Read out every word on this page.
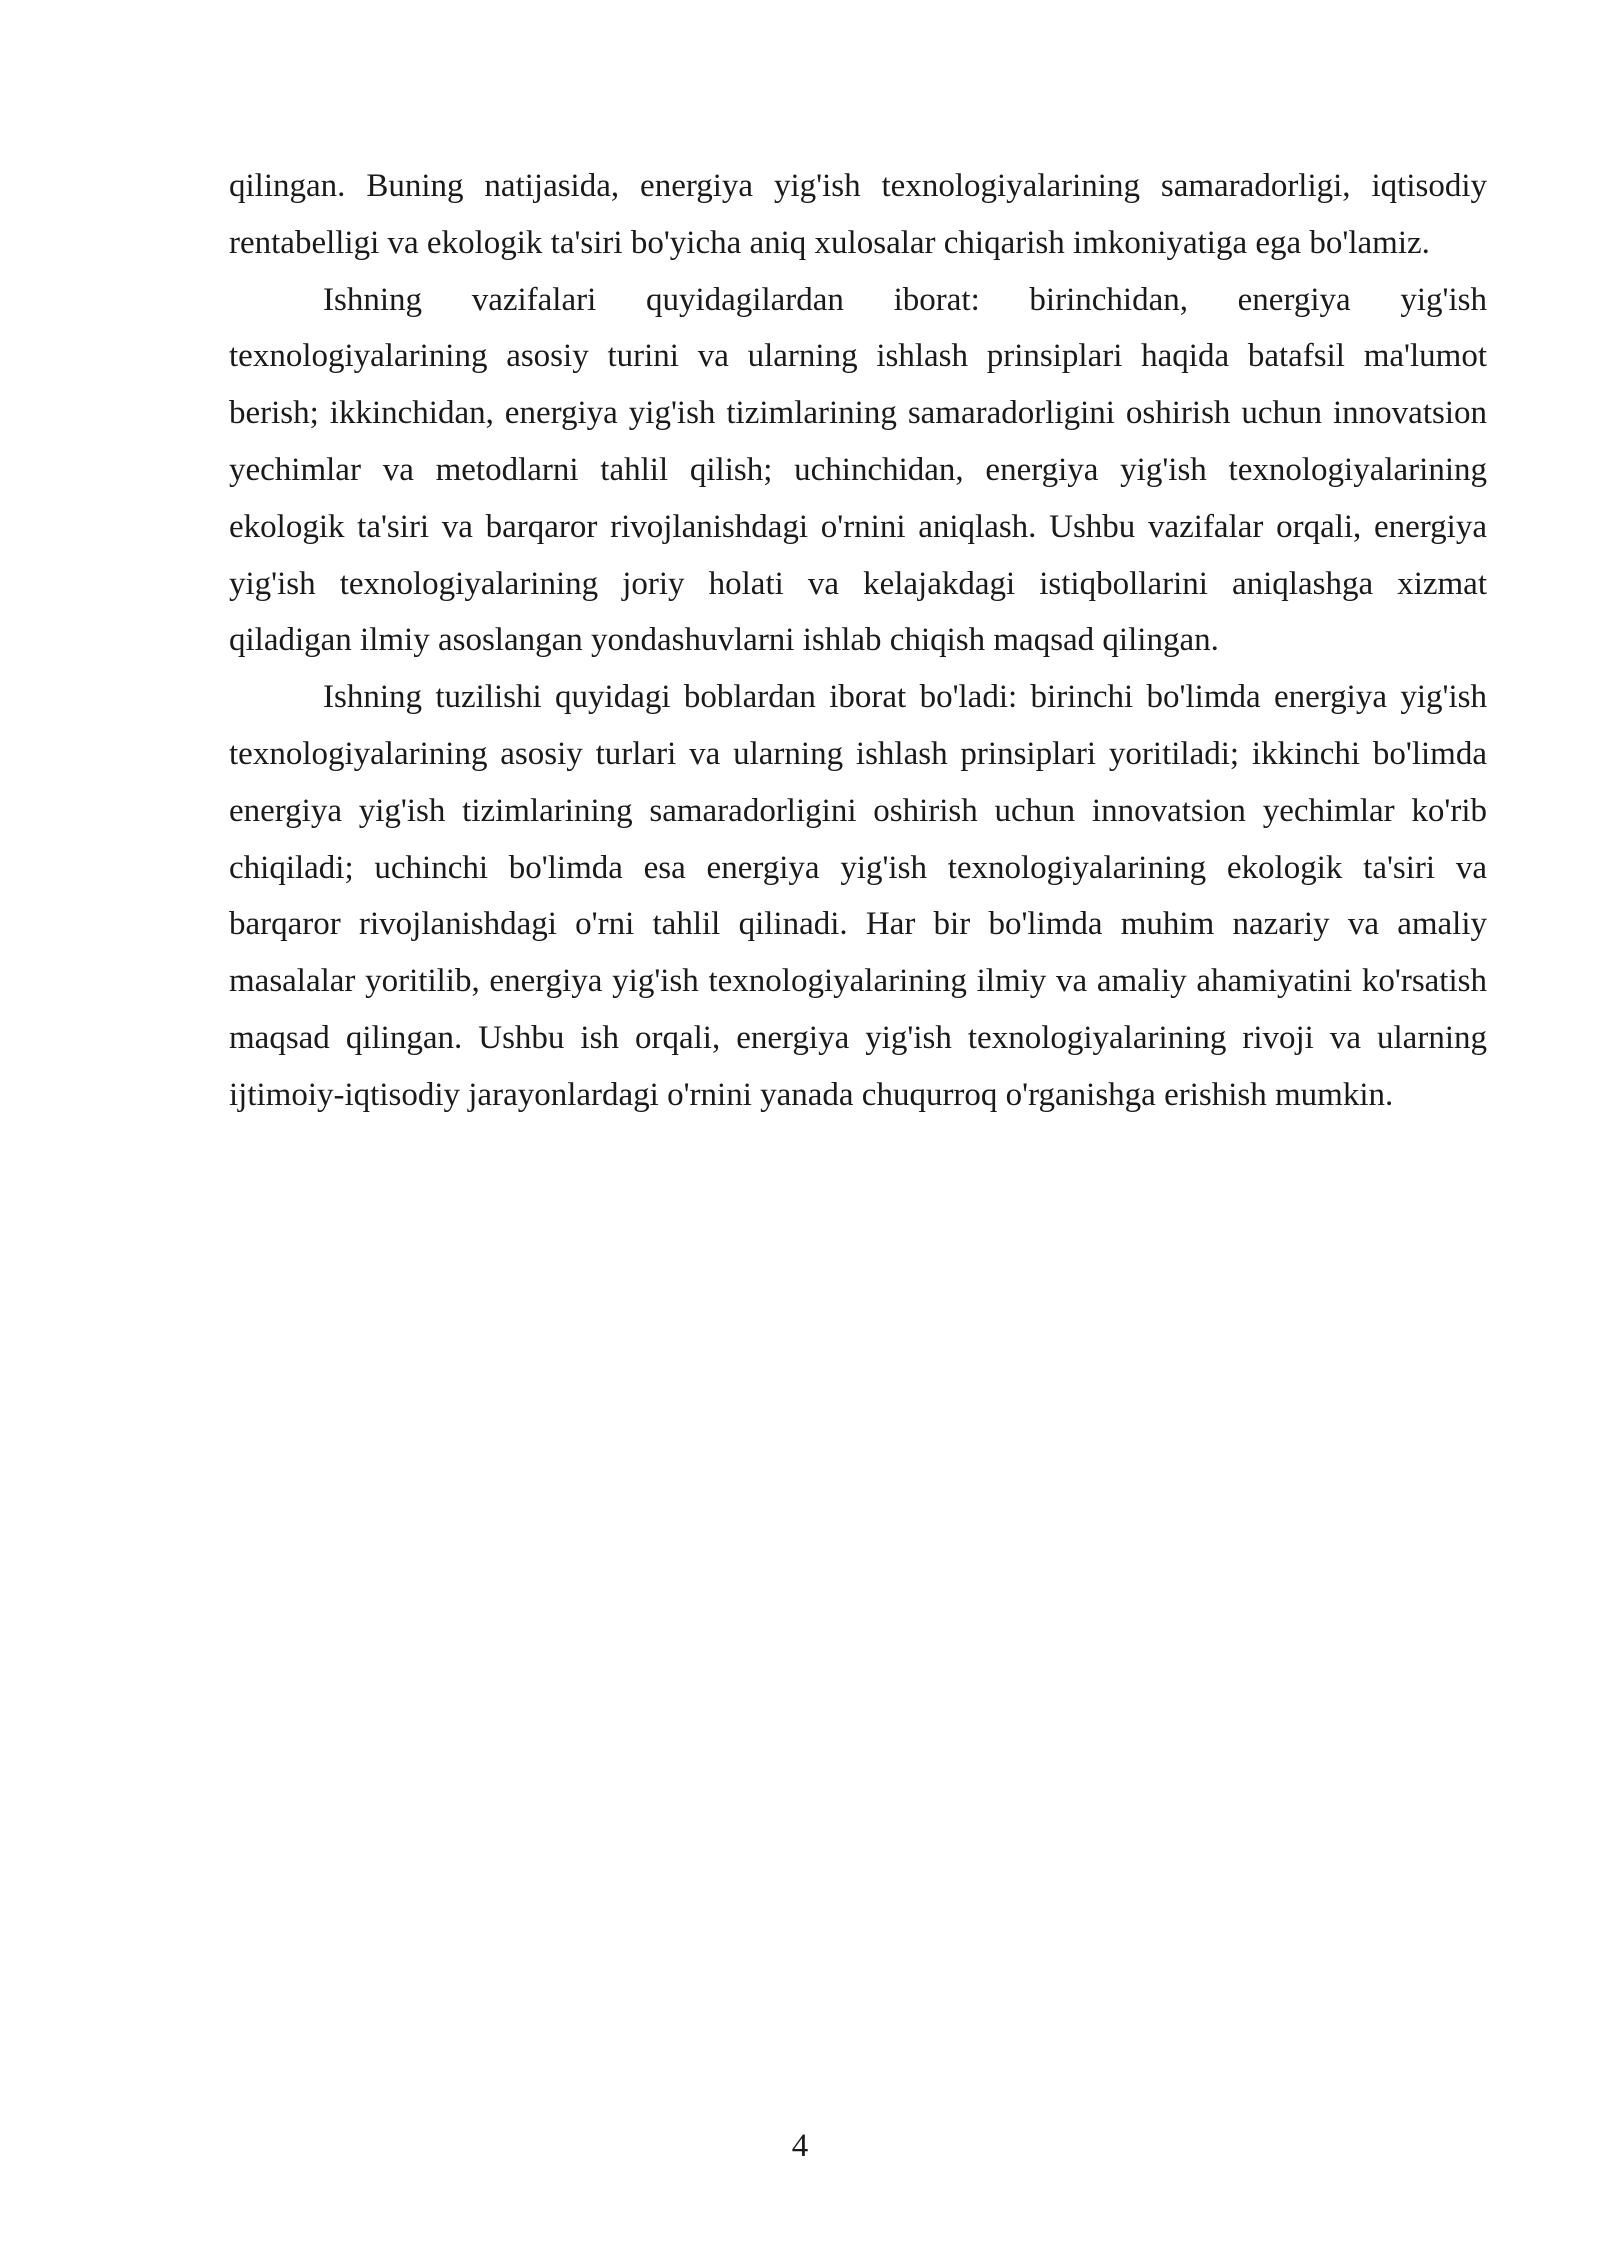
qilingan. Buning natijasida, energiya yig'ish texnologiyalarining samaradorligi, iqtisodiy rentabelligi va ekologik ta'siri bo'yicha aniq xulosalar chiqarish imkoniyatiga ega bo'lamiz.

Ishning vazifalari quyidagilardan iborat: birinchidan, energiya yig'ish texnologiyalarining asosiy turini va ularning ishlash prinsiplari haqida batafsil ma'lumot berish; ikkinchidan, energiya yig'ish tizimlarining samaradorligini oshirish uchun innovatsion yechimlar va metodlarni tahlil qilish; uchinchidan, energiya yig'ish texnologiyalarining ekologik ta'siri va barqaror rivojlanishdagi o'rnini aniqlash. Ushbu vazifalar orqali, energiya yig'ish texnologiyalarining joriy holati va kelajakdagi istiqbollarini aniqlashga xizmat qiladigan ilmiy asoslangan yondashuvlarni ishlab chiqish maqsad qilingan.

Ishning tuzilishi quyidagi boblardan iborat bo'ladi: birinchi bo'limda energiya yig'ish texnologiyalarining asosiy turlari va ularning ishlash prinsiplari yoritiladi; ikkinchi bo'limda energiya yig'ish tizimlarining samaradorligini oshirish uchun innovatsion yechimlar ko'rib chiqiladi; uchinchi bo'limda esa energiya yig'ish texnologiyalarining ekologik ta'siri va barqaror rivojlanishdagi o'rni tahlil qilinadi. Har bir bo'limda muhim nazariy va amaliy masalalar yoritilib, energiya yig'ish texnologiyalarining ilmiy va amaliy ahamiyatini ko'rsatish maqsad qilingan. Ushbu ish orqali, energiya yig'ish texnologiyalarining rivoji va ularning ijtimoiy-iqtisodiy jarayonlardagi o'rnini yanada chuqurroq o'rganishga erishish mumkin.

4
